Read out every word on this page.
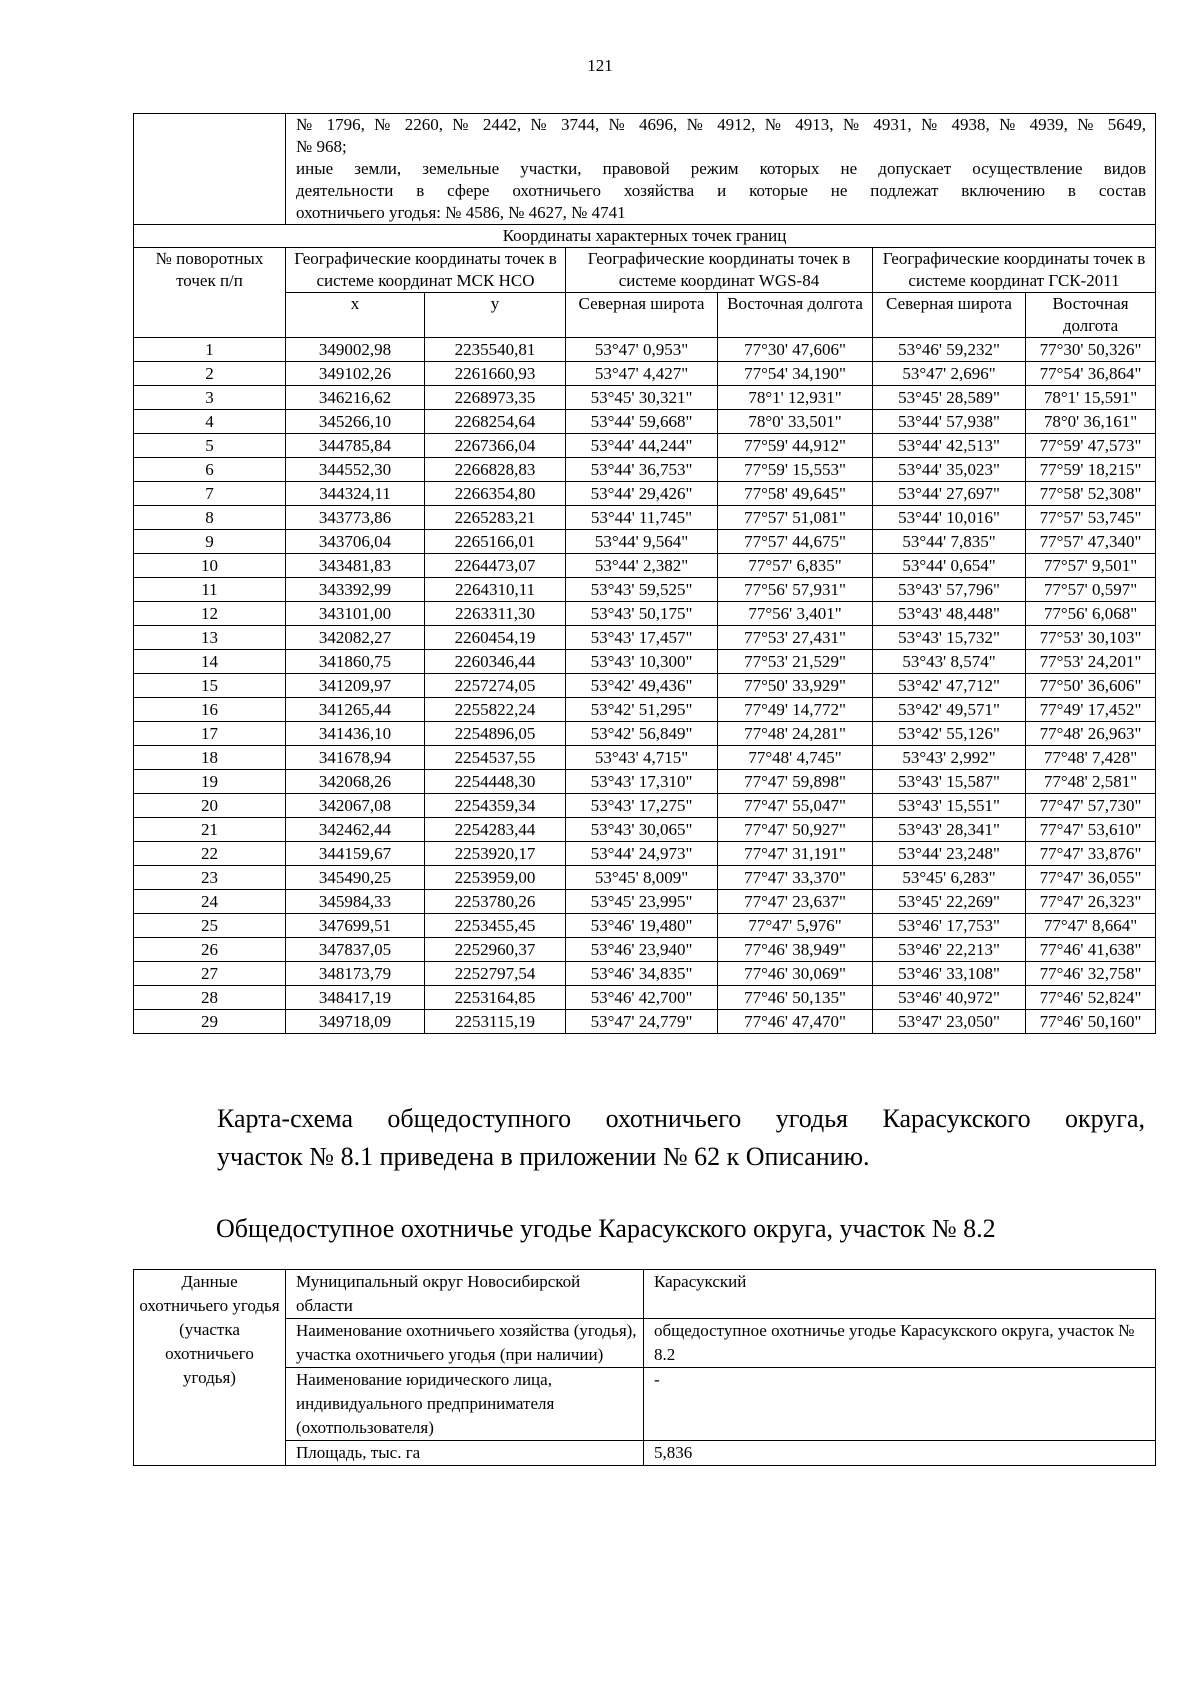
121

	№ 1796, № 2260, № 2442, № 3744, № 4696, № 4912, № 4913, № 4931, № 4938, № 4939, № 5649,
№ 968;
иные земли, земельные участки, правовой режим которых не допускает осуществление видов
деятельности в сфере охотничьего хозяйства и которые не подлежат включению в состав
охотничьего угодья: № 4586, № 4627, № 4741					

Координаты характерных точек границ						
№ поворотных точек п/п	Географические координаты точек в системе координат МСК НСО		Географические координаты точек в системе координат WGS-84		Географические координаты точек в системе координат ГСК-2011	
	х	у	Северная широта	Восточная долгота	Северная широта	Восточная долгота
1	349002,98	2235540,81	53°47' 0,953"	77°30' 47,606"	53°46' 59,232"	77°30' 50,326"
2	349102,26	2261660,93	53°47' 4,427"	77°54' 34,190"	53°47' 2,696"	77°54' 36,864"
3	346216,62	2268973,35	53°45' 30,321"	78°1' 12,931"	53°45' 28,589"	78°1' 15,591"
4	345266,10	2268254,64	53°44' 59,668"	78°0' 33,501"	53°44' 57,938"	78°0' 36,161"
5	344785,84	2267366,04	53°44' 44,244"	77°59' 44,912"	53°44' 42,513"	77°59' 47,573"
6	344552,30	2266828,83	53°44' 36,753"	77°59' 15,553"	53°44' 35,023"	77°59' 18,215"
7	344324,11	2266354,80	53°44' 29,426"	77°58' 49,645"	53°44' 27,697"	77°58' 52,308"
8	343773,86	2265283,21	53°44' 11,745"	77°57' 51,081"	53°44' 10,016"	77°57' 53,745"
9	343706,04	2265166,01	53°44' 9,564"	77°57' 44,675"	53°44' 7,835"	77°57' 47,340"
10	343481,83	2264473,07	53°44' 2,382"	77°57' 6,835"	53°44' 0,654"	77°57' 9,501"
11	343392,99	2264310,11	53°43' 59,525"	77°56' 57,931"	53°43' 57,796"	77°57' 0,597"
12	343101,00	2263311,30	53°43' 50,175"	77°56' 3,401"	53°43' 48,448"	77°56' 6,068"
13	342082,27	2260454,19	53°43' 17,457"	77°53' 27,431"	53°43' 15,732"	77°53' 30,103"
14	341860,75	2260346,44	53°43' 10,300"	77°53' 21,529"	53°43' 8,574"	77°53' 24,201"
15	341209,97	2257274,05	53°42' 49,436"	77°50' 33,929"	53°42' 47,712"	77°50' 36,606"
16	341265,44	2255822,24	53°42' 51,295"	77°49' 14,772"	53°42' 49,571"	77°49' 17,452"
17	341436,10	2254896,05	53°42' 56,849"	77°48' 24,281"	53°42' 55,126"	77°48' 26,963"
18	341678,94	2254537,55	53°43' 4,715"	77°48' 4,745"	53°43' 2,992"	77°48' 7,428"
19	342068,26	2254448,30	53°43' 17,310"	77°47' 59,898"	53°43' 15,587"	77°48' 2,581"
20	342067,08	2254359,34	53°43' 17,275"	77°47' 55,047"	53°43' 15,551"	77°47' 57,730"
21	342462,44	2254283,44	53°43' 30,065"	77°47' 50,927"	53°43' 28,341"	77°47' 53,610"
22	344159,67	2253920,17	53°44' 24,973"	77°47' 31,191"	53°44' 23,248"	77°47' 33,876"
23	345490,25	2253959,00	53°45' 8,009"	77°47' 33,370"	53°45' 6,283"	77°47' 36,055"
24	345984,33	2253780,26	53°45' 23,995"	77°47' 23,637"	53°45' 22,269"	77°47' 26,323"
25	347699,51	2253455,45	53°46' 19,480"	77°47' 5,976"	53°46' 17,753"	77°47' 8,664"
26	347837,05	2252960,37	53°46' 23,940"	77°46' 38,949"	53°46' 22,213"	77°46' 41,638"
27	348173,79	2252797,54	53°46' 34,835"	77°46' 30,069"	53°46' 33,108"	77°46' 32,758"
28	348417,19	2253164,85	53°46' 42,700"	77°46' 50,135"	53°46' 40,972"	77°46' 52,824"
29	349718,09	2253115,19	53°47' 24,779"	77°46' 47,470"	53°47' 23,050"	77°46' 50,160"
Карта-схема общедоступного охотничьего угодья Карасукского округа,
участок № 8.1 приведена в приложении № 62 к Описанию.
Общедоступное охотничье угодье Карасукского округа, участок № 8.2
Данные охотничьего угодья (участка охотничьего угодья)	Муниципальный округ Новосибирской области	Карасукский
	Наименование охотничьего хозяйства (угодья), участка охотничьего угодья (при наличии)	общедоступное охотничье угодье Карасукского округа, участок № 8.2
	Наименование юридического лица, индивидуального предпринимателя (охотпользователя)	-
	Площадь, тыс. га	5,836
